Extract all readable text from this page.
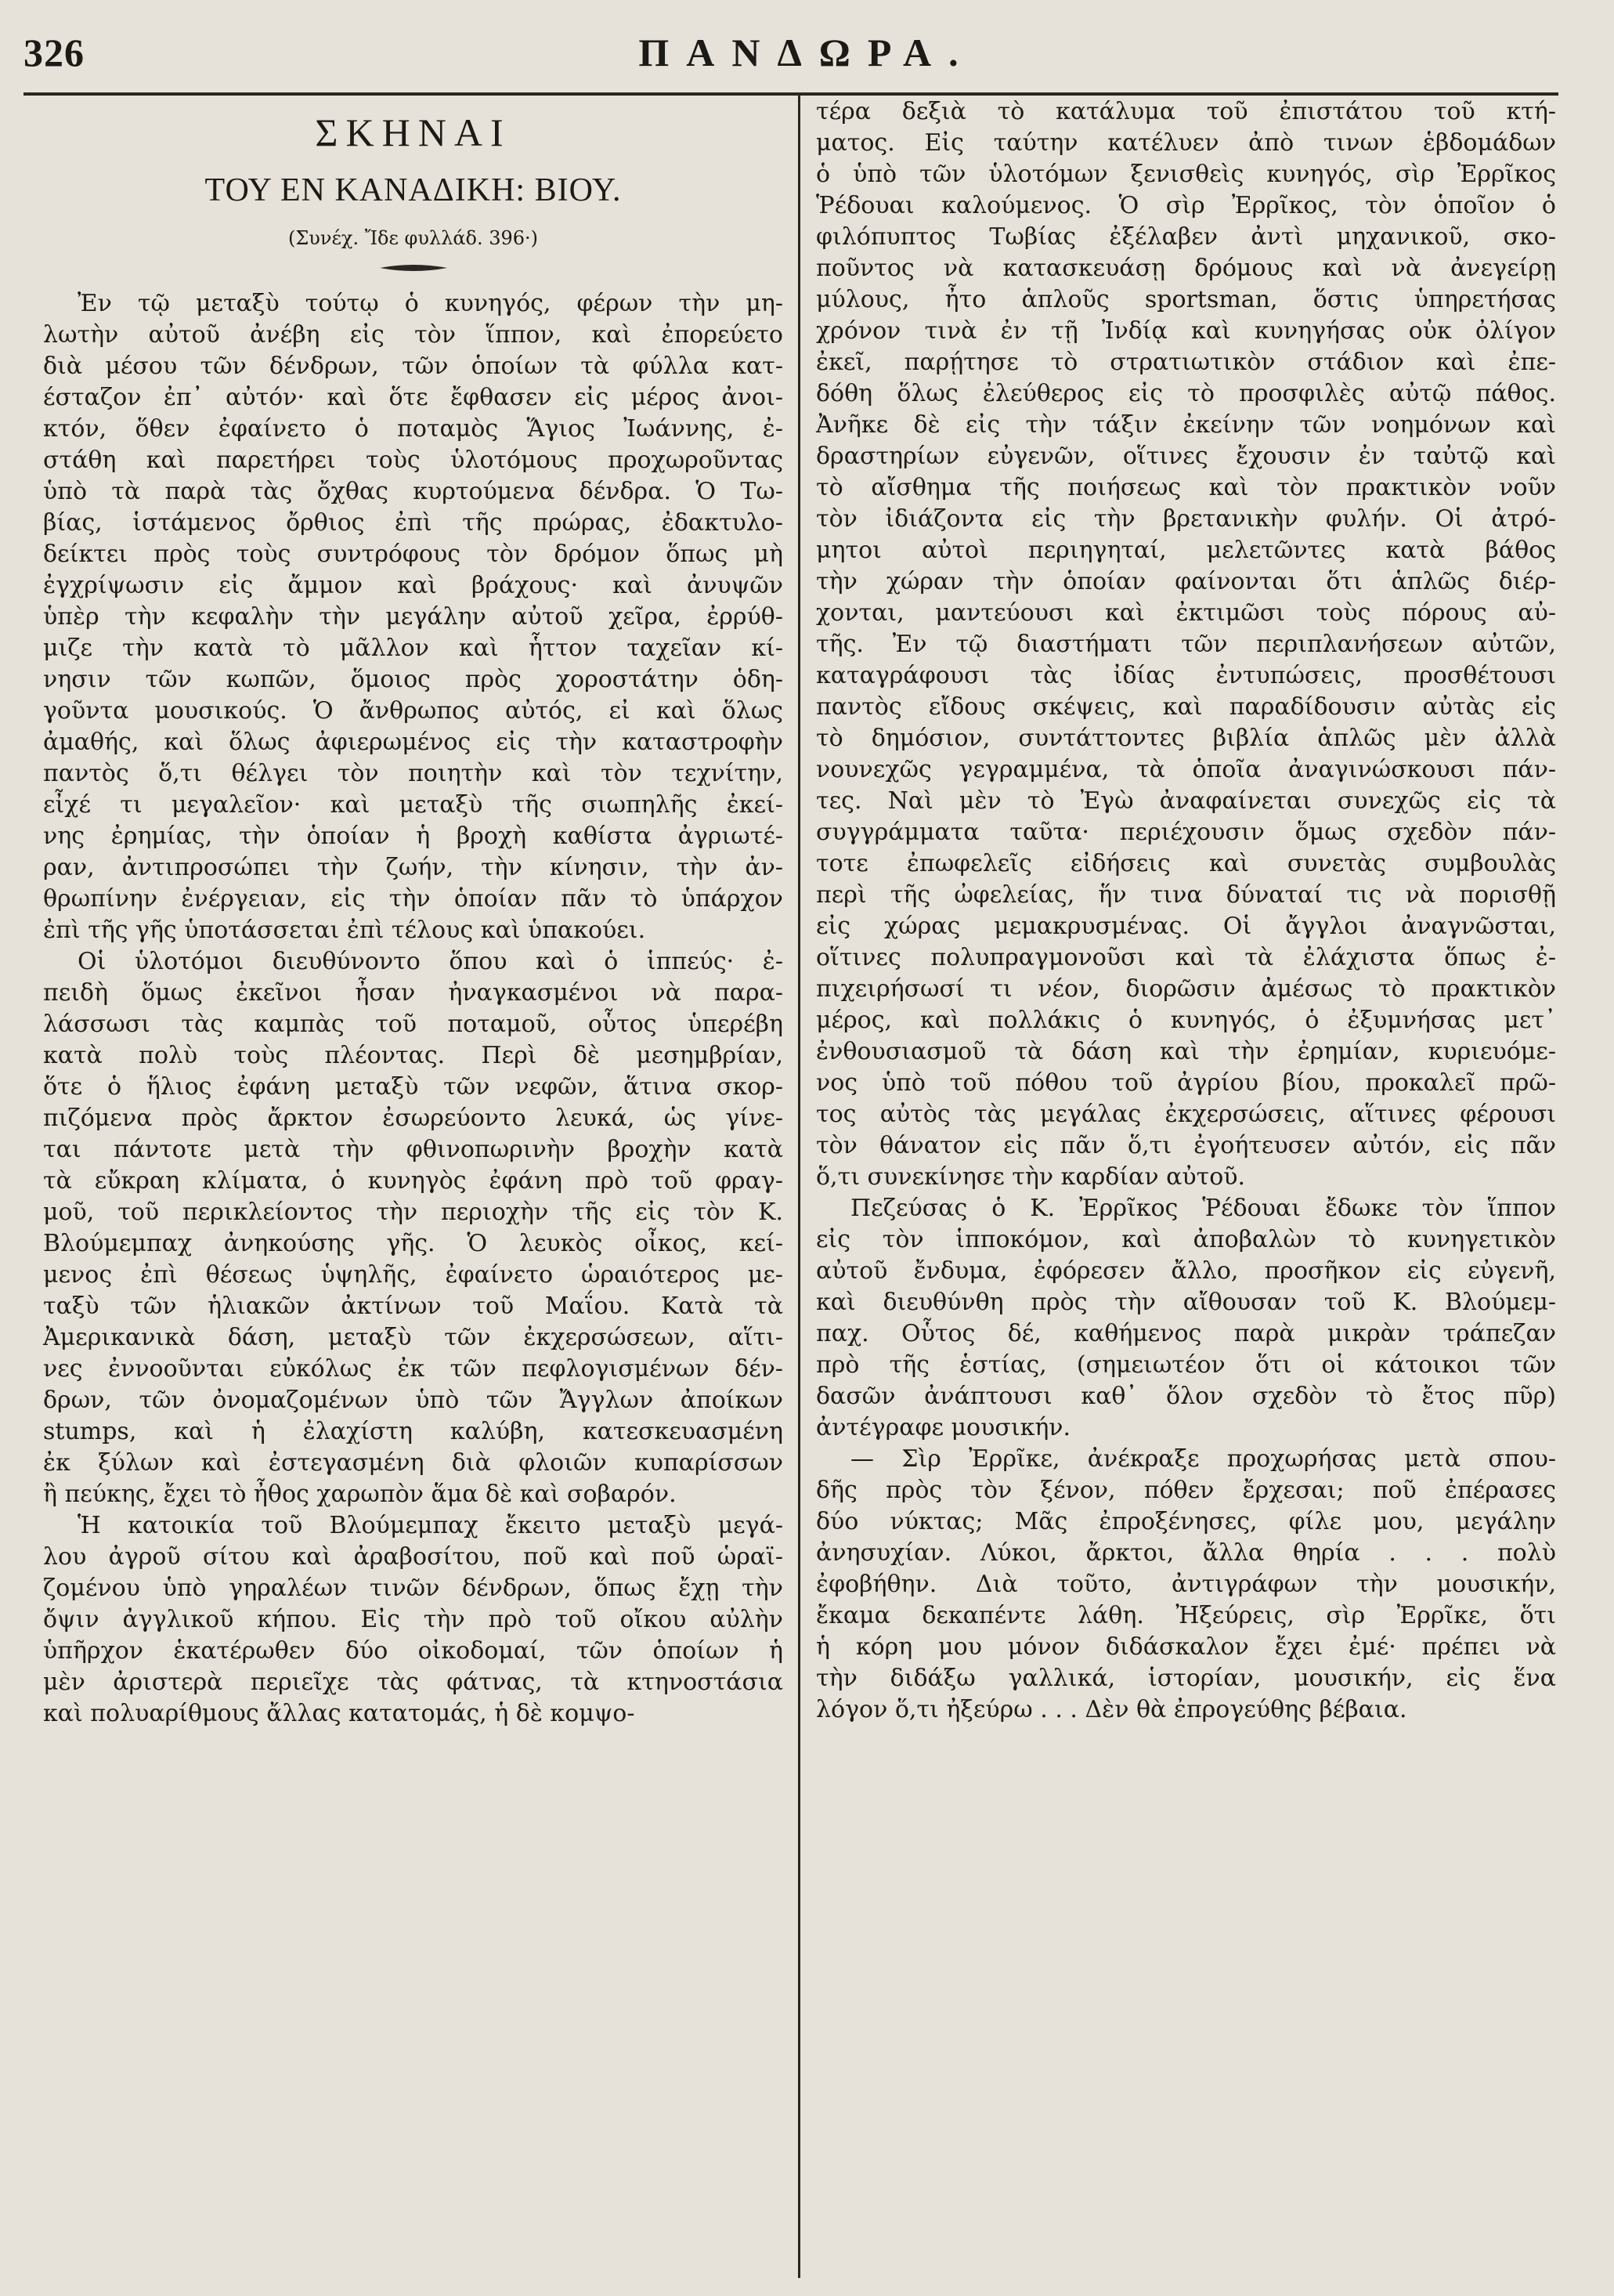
326	ΠΑΝΔΩΡΑ.
ΣΚΗΝΑΙ
ΤΟΥ ΕΝ ΚΑΝΑΔΙΚΗ: ΒΙΟΥ.
(Συνέχ. Ἴδε φυλλάδ. 396·)
Ἐν τῷ μεταξὺ τούτῳ ὁ κυνηγός, φέρων τὴν μη-
λωτὴν αὐτοῦ ἀνέβη εἰς τὸν ἵππον, καὶ ἐπορεύετο
διὰ μέσου τῶν δένδρων, τῶν ὁποίων τὰ φύλλα κατ-
έσταζον ἐπ᾽ αὐτόν· καὶ ὅτε ἔφθασεν εἰς μέρος ἀνοι-
κτόν, ὅθεν ἐφαίνετο ὁ ποταμὸς Ἅγιος Ἰωάννης, ἐ-
στάθη καὶ παρετήρει τοὺς ὑλοτόμους προχωροῦντας
ὑπὸ τὰ παρὰ τὰς ὄχθας κυρτούμενα δένδρα. Ὁ Τω-
βίας, ἱστάμενος ὄρθιος ἐπὶ τῆς πρώρας, ἐδακτυλο-
δείκτει πρὸς τοὺς συντρόφους τὸν δρόμον ὅπως μὴ
ἐγχρίψωσιν εἰς ἄμμον καὶ βράχους· καὶ ἀνυψῶν
ὑπὲρ τὴν κεφαλὴν τὴν μεγάλην αὐτοῦ χεῖρα, ἐρρύθ-
μιζε τὴν κατὰ τὸ μᾶλλον καὶ ἧττον ταχεῖαν κί-
νησιν τῶν κωπῶν, ὅμοιος πρὸς χοροστάτην ὁδη-
γοῦντα μουσικούς. Ὁ ἄνθρωπος αὐτός, εἰ καὶ ὅλως
ἀμαθής, καὶ ὅλως ἀφιερωμένος εἰς τὴν καταστροφὴν
παντὸς ὅ,τι θέλγει τὸν ποιητὴν καὶ τὸν τεχνίτην,
εἶχέ τι μεγαλεῖον· καὶ μεταξὺ τῆς σιωπηλῆς ἐκεί-
νης ἐρημίας, τὴν ὁποίαν ἡ βροχὴ καθίστα ἀγριωτέ-
ραν, ἀντιπροσώπει τὴν ζωήν, τὴν κίνησιν, τὴν ἀν-
θρωπίνην ἐνέργειαν, εἰς τὴν ὁποίαν πᾶν τὸ ὑπάρχον
ἐπὶ τῆς γῆς ὑποτάσσεται ἐπὶ τέλους καὶ ὑπακούει.
Οἱ ὑλοτόμοι διευθύνοντο ὅπου καὶ ὁ ἱππεύς· ἐ-
πειδὴ ὅμως ἐκεῖνοι ἦσαν ἠναγκασμένοι νὰ παρα-
λάσσωσι τὰς καμπὰς τοῦ ποταμοῦ, οὗτος ὑπερέβη
κατὰ πολὺ τοὺς πλέοντας. Περὶ δὲ μεσημβρίαν,
ὅτε ὁ ἥλιος ἐφάνη μεταξὺ τῶν νεφῶν, ἅτινα σκορ-
πιζόμενα πρὸς ἄρκτον ἐσωρεύοντο λευκά, ὡς γίνε-
ται πάντοτε μετὰ τὴν φθινοπωρινὴν βροχὴν κατὰ
τὰ εὔκραη κλίματα, ὁ κυνηγὸς ἐφάνη πρὸ τοῦ φραγ-
μοῦ, τοῦ περικλείοντος τὴν περιοχὴν τῆς εἰς τὸν Κ.
Βλούμεμπαχ ἀνηκούσης γῆς. Ὁ λευκὸς οἶκος, κεί-
μενος ἐπὶ θέσεως ὑψηλῆς, ἐφαίνετο ὡραιότερος με-
ταξὺ τῶν ἡλιακῶν ἀκτίνων τοῦ Μαΐου. Κατὰ τὰ
Ἀμερικανικὰ δάση, μεταξὺ τῶν ἐκχερσώσεων, αἵτι-
νες ἐννοοῦνται εὐκόλως ἐκ τῶν πεφλογισμένων δέν-
δρων, τῶν ὀνομαζομένων ὑπὸ τῶν Ἄγγλων ἀποίκων
stumps, καὶ ἡ ἐλαχίστη καλύβη, κατεσκευασμένη
ἐκ ξύλων καὶ ἐστεγασμένη διὰ φλοιῶν κυπαρίσσων
ἢ πεύκης, ἔχει τὸ ἦθος χαρωπὸν ἅμα δὲ καὶ σοβαρόν.
Ἡ κατοικία τοῦ Βλούμεμπαχ ἔκειτο μεταξὺ μεγά-
λου ἀγροῦ σίτου καὶ ἀραβοσίτου, ποῦ καὶ ποῦ ὡραϊ-
ζομένου ὑπὸ γηραλέων τινῶν δένδρων, ὅπως ἔχῃ τὴν
ὄψιν ἀγγλικοῦ κήπου. Εἰς τὴν πρὸ τοῦ οἴκου αὐλὴν
ὑπῆρχον ἑκατέρωθεν δύο οἰκοδομαί, τῶν ὁποίων ἡ
μὲν ἀριστερὰ περιεῖχε τὰς φάτνας, τὰ κτηνοστάσια
καὶ πολυαρίθμους ἄλλας κατατομάς, ἡ δὲ κομψο-
τέρα δεξιὰ τὸ κατάλυμα τοῦ ἐπιστάτου τοῦ κτή-
ματος. Εἰς ταύτην κατέλυεν ἀπὸ τινων ἑβδομάδων
ὁ ὑπὸ τῶν ὑλοτόμων ξενισθεὶς κυνηγός, σὶρ Ἐρρῖκος
Ῥέδουαι καλούμενος. Ὁ σὶρ Ἐρρῖκος, τὸν ὁποῖον ὁ
φιλόπυπτος Τωβίας ἐξέλαβεν ἀντὶ μηχανικοῦ, σκο-
ποῦντος νὰ κατασκευάσῃ δρόμους καὶ νὰ ἀνεγείρῃ
μύλους, ἦτο ἁπλοῦς sportsman, ὅστις ὑπηρετήσας
χρόνον τινὰ ἐν τῇ Ἰνδίᾳ καὶ κυνηγήσας οὐκ ὀλίγον
ἐκεῖ, παρῄτησε τὸ στρατιωτικὸν στάδιον καὶ ἐπε-
δόθη ὅλως ἐλεύθερος εἰς τὸ προσφιλὲς αὐτῷ πάθος.
Ἀνῆκε δὲ εἰς τὴν τάξιν ἐκείνην τῶν νοημόνων καὶ
δραστηρίων εὐγενῶν, οἵτινες ἔχουσιν ἐν ταὐτῷ καὶ
τὸ αἴσθημα τῆς ποιήσεως καὶ τὸν πρακτικὸν νοῦν
τὸν ἰδιάζοντα εἰς τὴν βρετανικὴν φυλήν. Οἱ ἀτρό-
μητοι αὐτοὶ περιηγηταί, μελετῶντες κατὰ βάθος
τὴν χώραν τὴν ὁποίαν φαίνονται ὅτι ἁπλῶς διέρ-
χονται, μαντεύουσι καὶ ἐκτιμῶσι τοὺς πόρους αὐ-
τῆς. Ἐν τῷ διαστήματι τῶν περιπλανήσεων αὐτῶν,
καταγράφουσι τὰς ἰδίας ἐντυπώσεις, προσθέτουσι
παντὸς εἴδους σκέψεις, καὶ παραδίδουσιν αὐτὰς εἰς
τὸ δημόσιον, συντάττοντες βιβλία ἁπλῶς μὲν ἀλλὰ
νουνεχῶς γεγραμμένα, τὰ ὁποῖα ἀναγινώσκουσι πάν-
τες. Ναὶ μὲν τὸ Ἐγὼ ἀναφαίνεται συνεχῶς εἰς τὰ
συγγράμματα ταῦτα· περιέχουσιν ὅμως σχεδὸν πάν-
τοτε ἐπωφελεῖς εἰδήσεις καὶ συνετὰς συμβουλὰς
περὶ τῆς ὠφελείας, ἥν τινα δύναταί τις νὰ πορισθῇ
εἰς χώρας μεμακρυσμένας. Οἱ ἄγγλοι ἀναγνῶσται,
οἵτινες πολυπραγμονοῦσι καὶ τὰ ἐλάχιστα ὅπως ἐ-
πιχειρήσωσί τι νέον, διορῶσιν ἀμέσως τὸ πρακτικὸν
μέρος, καὶ πολλάκις ὁ κυνηγός, ὁ ἐξυμνήσας μετ᾽
ἐνθουσιασμοῦ τὰ δάση καὶ τὴν ἐρημίαν, κυριευόμε-
νος ὑπὸ τοῦ πόθου τοῦ ἀγρίου βίου, προκαλεῖ πρῶ-
τος αὐτὸς τὰς μεγάλας ἐκχερσώσεις, αἵτινες φέρουσι
τὸν θάνατον εἰς πᾶν ὅ,τι ἐγοήτευσεν αὐτόν, εἰς πᾶν
ὅ,τι συνεκίνησε τὴν καρδίαν αὐτοῦ.
Πεζεύσας ὁ Κ. Ἐρρῖκος Ῥέδουαι ἔδωκε τὸν ἵππον
εἰς τὸν ἱπποκόμον, καὶ ἀποβαλὼν τὸ κυνηγετικὸν
αὐτοῦ ἔνδυμα, ἐφόρεσεν ἄλλο, προσῆκον εἰς εὐγενῆ,
καὶ διευθύνθη πρὸς τὴν αἴθουσαν τοῦ Κ. Βλούμεμ-
παχ. Οὗτος δέ, καθήμενος παρὰ μικρὰν τράπεζαν
πρὸ τῆς ἑστίας, (σημειωτέον ὅτι οἱ κάτοικοι τῶν
δασῶν ἀνάπτουσι καθ᾽ ὅλον σχεδὸν τὸ ἔτος πῦρ)
ἀντέγραφε μουσικήν.
— Σὶρ Ἐρρῖκε, ἀνέκραξε προχωρήσας μετὰ σπου-
δῆς πρὸς τὸν ξένον, πόθεν ἔρχεσαι; ποῦ ἐπέρασες
δύο νύκτας; Μᾶς ἐπροξένησες, φίλε μου, μεγάλην
ἀνησυχίαν. Λύκοι, ἄρκτοι, ἄλλα θηρία . . . πολὺ
ἐφοβήθην. Διὰ τοῦτο, ἀντιγράφων τὴν μουσικήν,
ἔκαμα δεκαπέντε λάθη. Ἠξεύρεις, σὶρ Ἐρρῖκε, ὅτι
ἡ κόρη μου μόνον διδάσκαλον ἔχει ἐμέ· πρέπει νὰ
τὴν διδάξω γαλλικά, ἱστορίαν, μουσικήν, εἰς ἕνα
λόγον ὅ,τι ἠξεύρω . . . Δὲν θὰ ἐπρογεύθης βέβαια.
